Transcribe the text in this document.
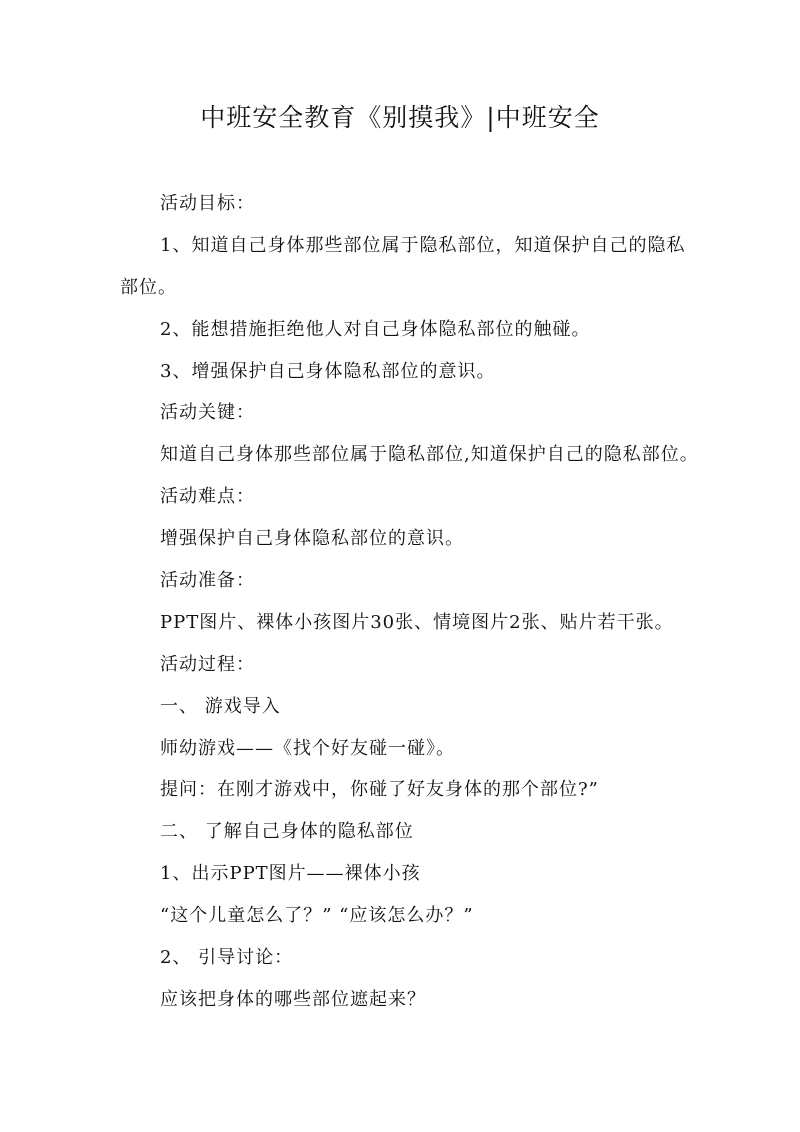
中班安全教育《别摸我》|中班安全
活动目标：
1、知道自己身体那些部位属于隐私部位，知道保护自己的隐私
部位。
2、能想措施拒绝他人对自己身体隐私部位的触碰。
3、增强保护自己身体隐私部位的意识。
活动关键：
知道自己身体那些部位属于隐私部位,知道保护自己的隐私部位。
活动难点：
增强保护自己身体隐私部位的意识。
活动准备：
PPT图片、裸体小孩图片30张、情境图片2张、贴片若干张。
活动过程：
一、 游戏导入
师幼游戏——《找个好友碰一碰》。
提问：在刚才游戏中，你碰了好友身体的那个部位?”
二、 了解自己身体的隐私部位
1、出示PPT图片——裸体小孩
“这个儿童怎么了？” “应该怎么办？”
2、 引导讨论：
应该把身体的哪些部位遮起来？
